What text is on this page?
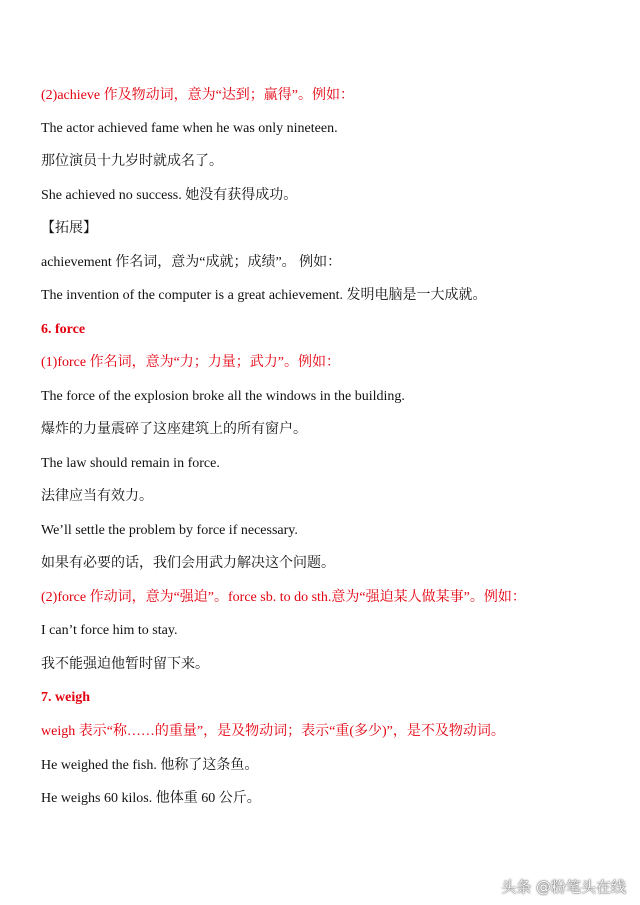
(2)achieve 作及物动词，意为“达到；赢得”。例如：
The actor achieved fame when he was only nineteen.
那位演员十九岁时就成名了。
She achieved no success. 她没有获得成功。
【拓展】
achievement 作名词，意为“成就；成绩”。 例如：
The invention of the computer is a great achievement. 发明电脑是一大成就。
6. force
(1)force 作名词，意为“力；力量；武力”。例如：
The force of the explosion broke all the windows in the building.
爆炸的力量震碎了这座建筑上的所有窗户。
The law should remain in force.
法律应当有效力。
We’ll settle the problem by force if necessary.
如果有必要的话，我们会用武力解决这个问题。
(2)force 作动词，意为“强迫”。force sb. to do sth.意为“强迫某人做某事”。例如：
I can’t force him to stay.
我不能强迫他暂时留下来。
7. weigh
weigh 表示“称……的重量”，是及物动词；表示“重(多少)”，是不及物动词。
He weighed the fish. 他称了这条鱼。
He weighs 60 kilos. 他体重 60 公斤。
头条 @粉笔头在线
